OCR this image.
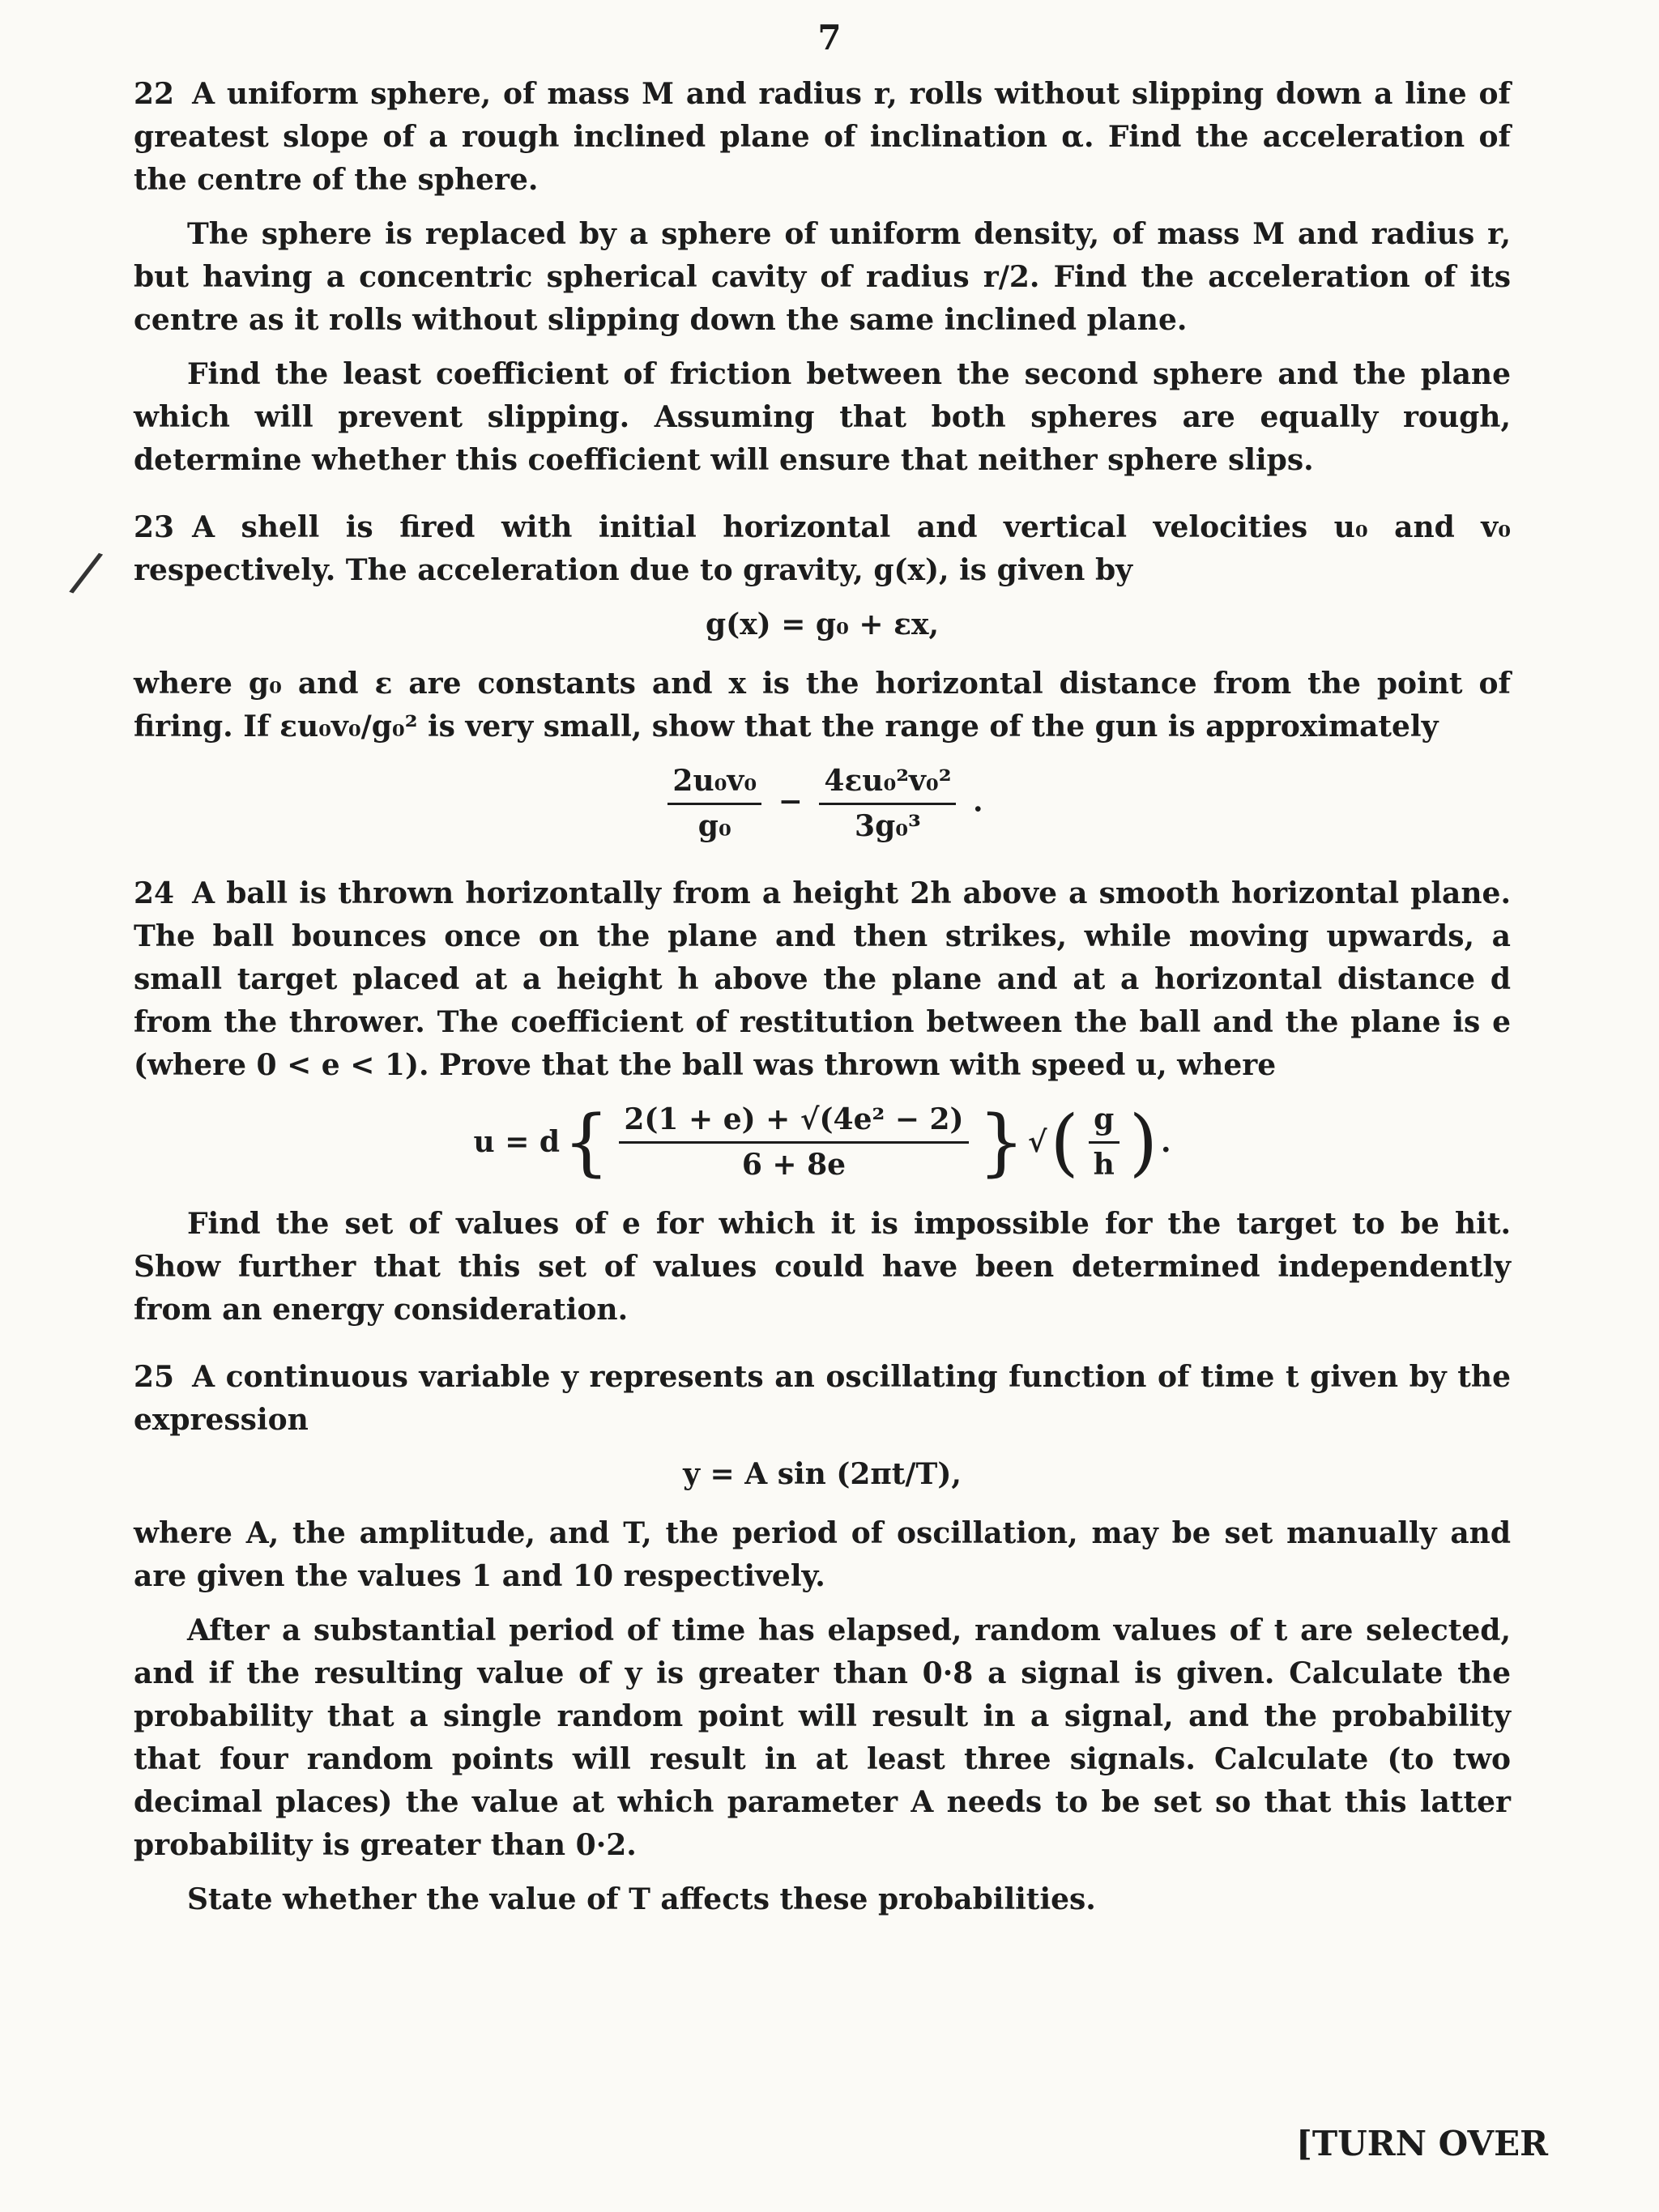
7
/

22 A uniform sphere, of mass M and radius r, rolls without slipping down a line of greatest slope of a rough inclined plane of inclination α. Find the acceleration of the centre of the sphere.

The sphere is replaced by a sphere of uniform density, of mass M and radius r, but having a concentric spherical cavity of radius r/2. Find the acceleration of its centre as it rolls without slipping down the same inclined plane.

Find the least coefficient of friction between the second sphere and the plane which will prevent slipping. Assuming that both spheres are equally rough, determine whether this coefficient will ensure that neither sphere slips.

23 A shell is fired with initial horizontal and vertical velocities u₀ and v₀ respectively. The acceleration due to gravity, g(x), is given by

g(x) = g₀ + εx,

where g₀ and ε are constants and x is the horizontal distance from the point of firing. If εu₀v₀/g₀² is very small, show that the range of the gun is approximately

$\frac{\text{2u₀v₀}}{\text{g₀}} - \frac{\text{4εu₀²v₀²}}{\text{3g₀³}}$ .

24 A ball is thrown horizontally from a height 2h above a smooth horizontal plane. The ball bounces once on the plane and then strikes, while moving upwards, a small target placed at a height h above the plane and at a horizontal distance d from the thrower. The coefficient of restitution between the ball and the plane is e (where 0 < e < 1). Prove that the ball was thrown with speed u, where

u = d { $\frac{\text{2(1 + e) + √(4e² − 2)}}{6 + 8e}$ } √ ( $\frac{g}{h}$ ) .

Find the set of values of e for which it is impossible for the target to be hit. Show further that this set of values could have been determined independently from an energy consideration.

25 A continuous variable y represents an oscillating function of time t given by the expression

y = A sin (2πt/T),

where A, the amplitude, and T, the period of oscillation, may be set manually and are given the values 1 and 10 respectively.

After a substantial period of time has elapsed, random values of t are selected, and if the resulting value of y is greater than 0·8 a signal is given. Calculate the probability that a single random point will result in a signal, and the probability that four random points will result in at least three signals. Calculate (to two decimal places) the value at which parameter A needs to be set so that this latter probability is greater than 0·2.

State whether the value of T affects these probabilities.

[TURN OVER
